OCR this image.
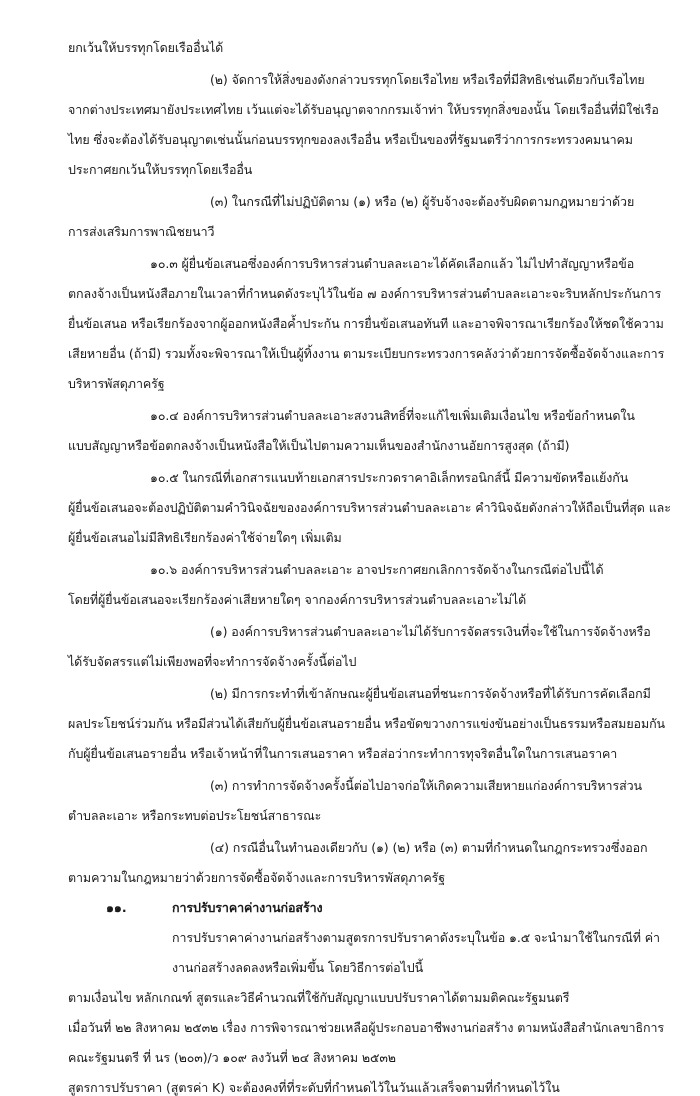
ยกเว้นให้บรรทุกโดยเรืออื่นได้
(๒) จัดการให้สิ่งของดังกล่าวบรรทุกโดยเรือไทย หรือเรือที่มีสิทธิเช่นเดียวกับเรือไทย
จากต่างประเทศมายังประเทศไทย เว้นแต่จะได้รับอนุญาตจากกรมเจ้าท่า ให้บรรทุกสิ่งของนั้น โดยเรืออื่นที่มิใช่เรือ
ไทย ซึ่งจะต้องได้รับอนุญาตเช่นนั้นก่อนบรรทุกของลงเรืออื่น หรือเป็นของที่รัฐมนตรีว่าการกระทรวงคมนาคม
ประกาศยกเว้นให้บรรทุกโดยเรืออื่น
(๓) ในกรณีที่ไม่ปฏิบัติตาม (๑) หรือ (๒) ผู้รับจ้างจะต้องรับผิดตามกฎหมายว่าด้วย
การส่งเสริมการพาณิชยนาวี
๑๐.๓ ผู้ยื่นข้อเสนอซึ่งองค์การบริหารส่วนตำบลละเอาะได้คัดเลือกแล้ว ไม่ไปทำสัญญาหรือข้อ
ตกลงจ้างเป็นหนังสือภายในเวลาที่กำหนดดังระบุไว้ในข้อ ๗ องค์การบริหารส่วนตำบลละเอาะจะริบหลักประกันการ
ยื่นข้อเสนอ หรือเรียกร้องจากผู้ออกหนังสือค้ำประกัน การยื่นข้อเสนอทันที และอาจพิจารณาเรียกร้องให้ชดใช้ความ
เสียหายอื่น (ถ้ามี) รวมทั้งจะพิจารณาให้เป็นผู้ทิ้งงาน ตามระเบียบกระทรวงการคลังว่าด้วยการจัดซื้อจัดจ้างและการ
บริหารพัสดุภาครัฐ
๑๐.๔ องค์การบริหารส่วนตำบลละเอาะสงวนสิทธิ์ที่จะแก้ไขเพิ่มเติมเงื่อนไข หรือข้อกำหนดใน
แบบสัญญาหรือข้อตกลงจ้างเป็นหนังสือให้เป็นไปตามความเห็นของสำนักงานอัยการสูงสุด (ถ้ามี)
๑๐.๕ ในกรณีที่เอกสารแนบท้ายเอกสารประกวดราคาอิเล็กทรอนิกส์นี้ มีความขัดหรือแย้งกัน
ผู้ยื่นข้อเสนอจะต้องปฏิบัติตามคำวินิจฉัยขององค์การบริหารส่วนตำบลละเอาะ คำวินิจฉัยดังกล่าวให้ถือเป็นที่สุด และ
ผู้ยื่นข้อเสนอไม่มีสิทธิเรียกร้องค่าใช้จ่ายใดๆ เพิ่มเติม
๑๐.๖ องค์การบริหารส่วนตำบลละเอาะ อาจประกาศยกเลิกการจัดจ้างในกรณีต่อไปนี้ได้
โดยที่ผู้ยื่นข้อเสนอจะเรียกร้องค่าเสียหายใดๆ จากองค์การบริหารส่วนตำบลละเอาะไม่ได้
(๑) องค์การบริหารส่วนตำบลละเอาะไม่ได้รับการจัดสรรเงินที่จะใช้ในการจัดจ้างหรือ
ได้รับจัดสรรแต่ไม่เพียงพอที่จะทำการจัดจ้างครั้งนี้ต่อไป
(๒) มีการกระทำที่เข้าลักษณะผู้ยื่นข้อเสนอที่ชนะการจัดจ้างหรือที่ได้รับการคัดเลือกมี
ผลประโยชน์ร่วมกัน หรือมีส่วนได้เสียกับผู้ยื่นข้อเสนอรายอื่น หรือขัดขวางการแข่งขันอย่างเป็นธรรมหรือสมยอมกัน
กับผู้ยื่นข้อเสนอรายอื่น หรือเจ้าหน้าที่ในการเสนอราคา หรือส่อว่ากระทำการทุจริตอื่นใดในการเสนอราคา
(๓) การทำการจัดจ้างครั้งนี้ต่อไปอาจก่อให้เกิดความเสียหายแก่องค์การบริหารส่วน
ตำบลละเอาะ หรือกระทบต่อประโยชน์สาธารณะ
(๔) กรณีอื่นในทำนองเดียวกับ (๑) (๒) หรือ (๓) ตามที่กำหนดในกฎกระทรวงซึ่งออก
ตามความในกฎหมายว่าด้วยการจัดซื้อจัดจ้างและการบริหารพัสดุภาครัฐ
๑๑.	การปรับราคาค่างานก่อสร้าง
การปรับราคาค่างานก่อสร้างตามสูตรการปรับราคาดังระบุในข้อ ๑.๕ จะนำมาใช้ในกรณีที่ ค่า
งานก่อสร้างลดลงหรือเพิ่มขึ้น โดยวิธีการต่อไปนี้
ตามเงื่อนไข หลักเกณฑ์ สูตรและวิธีคำนวณที่ใช้กับสัญญาแบบปรับราคาได้ตามมติคณะรัฐมนตรี
เมื่อวันที่ ๒๒ สิงหาคม ๒๕๓๒ เรื่อง การพิจารณาช่วยเหลือผู้ประกอบอาชีพงานก่อสร้าง ตามหนังสือสำนักเลขาธิการ
คณะรัฐมนตรี ที่ นร (๒๐๓)/ว ๑๐๙ ลงวันที่ ๒๔ สิงหาคม ๒๕๓๒
สูตรการปรับราคา (สูตรค่า K) จะต้องคงที่ที่ระดับที่กำหนดไว้ในวันแล้วเสร็จตามที่กำหนดไว้ใน
